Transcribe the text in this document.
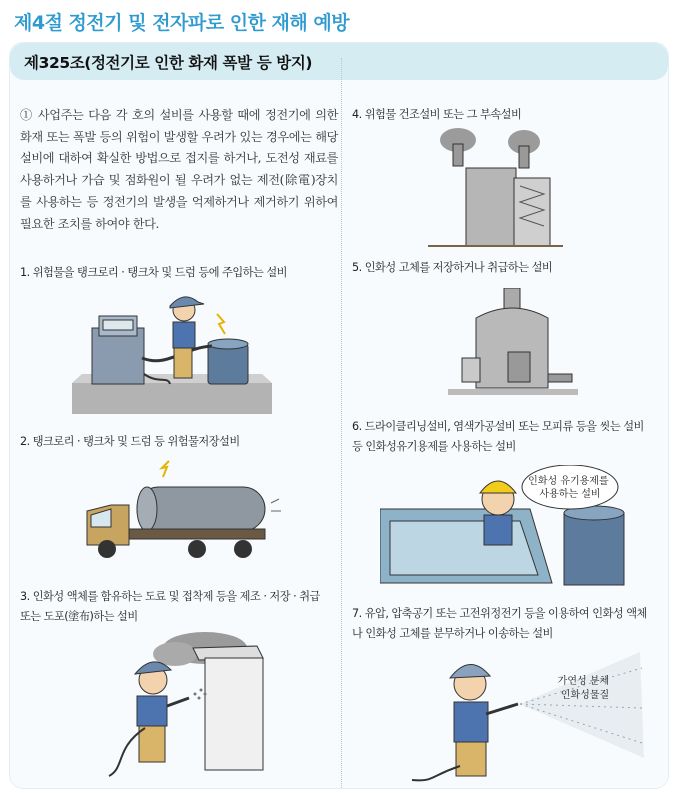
제4절 정전기 및 전자파로 인한 재해 예방
제325조(정전기로 인한 화재 폭발 등 방지)
① 사업주는 다음 각 호의 설비를 사용할 때에 정전기에 의한 화재 또는 폭발 등의 위험이 발생할 우려가 있는 경우에는 해당 설비에 대하여 확실한 방법으로 접지를 하거나, 도전성 재료를 사용하거나 가습 및 점화원이 될 우려가 없는 제전(除電)장치를 사용하는 등 정전기의 발생을 억제하거나 제거하기 위하여 필요한 조치를 하여야 한다.
1. 위험물을 탱크로리 · 탱크차 및 드럼 등에 주입하는 설비
2. 탱크로리 · 탱크차 및 드럼 등 위험물저장설비
3. 인화성 액체를 함유하는 도료 및 접착제 등을 제조 · 저장 · 취급 또는 도포(塗布)하는 설비
4. 위험물 건조설비 또는 그 부속설비
5. 인화성 고체를 저장하거나 취급하는 설비
6. 드라이클리닝설비, 염색가공설비 또는 모피류 등을 씻는 설비 등 인화성유기용제를 사용하는 설비
7. 유압, 압축공기 또는 고전위정전기 등을 이용하여 인화성 액체나 인화성 고체를 분무하거나 이송하는 설비
인화성 유기용제를 사용하는 설비
가연성 분체 인화성물질
